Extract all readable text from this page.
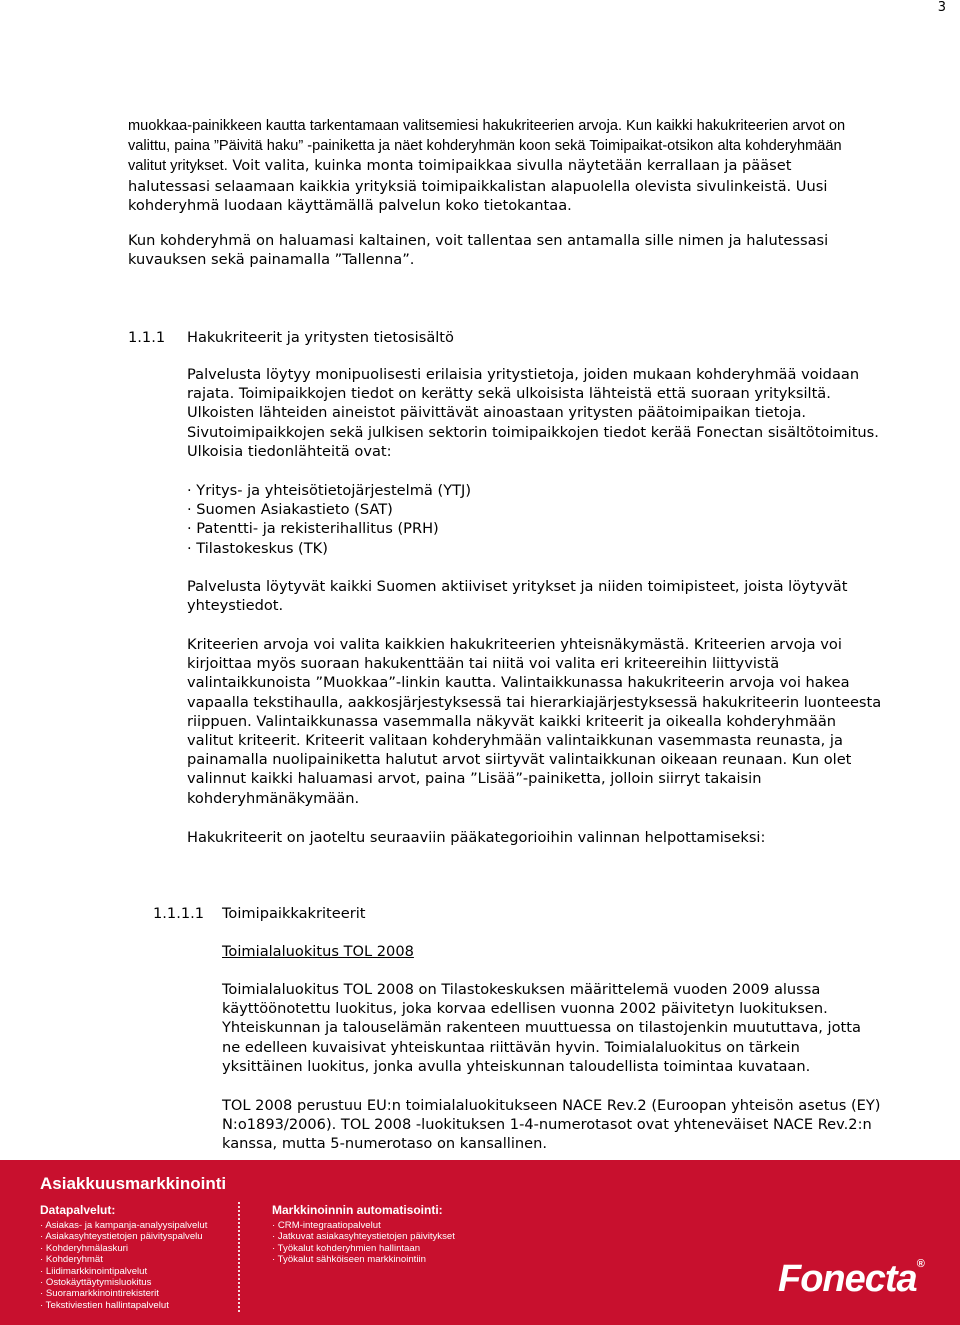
3

muokkaa-painikkeen kautta tarkentamaan valitsemiesi hakukriteerien arvoja. Kun kaikki hakukriteerien arvot on valittu, paina ”Päivitä haku” -painiketta ja näet kohderyhmän koon sekä Toimipaikat-otsikon alta kohderyhmään valitut yritykset. Voit valita, kuinka monta toimipaikkaa sivulla näytetään kerrallaan ja pääset halutessasi selaamaan kaikkia yrityksiä toimipaikkalistan alapuolella olevista sivulinkeistä. Uusi kohderyhmä luodaan käyttämällä palvelun koko tietokantaa.

Kun kohderyhmä on haluamasi kaltainen, voit tallentaa sen antamalla sille nimen ja halutessasi kuvauksen sekä painamalla ”Tallenna”.
1.1.1 Hakukriteerit ja yritysten tietosisältö
Palvelusta löytyy monipuolisesti erilaisia yritystietoja, joiden mukaan kohderyhmää voidaan rajata. Toimipaikkojen tiedot on kerätty sekä ulkoisista lähteistä että suoraan yrityksiltä. Ulkoisten lähteiden aineistot päivittävät ainoastaan yritysten päätoimipaikan tietoja. Sivutoimipaikkojen sekä julkisen sektorin toimipaikkojen tiedot kerää Fonectan sisältötoimitus. Ulkoisia tiedonlähteitä ovat:
· Yritys- ja yhteisötietojärjestelmä (YTJ)
· Suomen Asiakastieto (SAT)
· Patentti- ja rekisterihallitus (PRH)
· Tilastokeskus (TK)
Palvelusta löytyvät kaikki Suomen aktiiviset yritykset ja niiden toimipisteet, joista löytyvät yhteystiedot.
Kriteerien arvoja voi valita kaikkien hakukriteerien yhteisnäkymästä. Kriteerien arvoja voi kirjoittaa myös suoraan hakukenttään tai niitä voi valita eri kriteereihin liittyvistä valintaikkunoista ”Muokkaa”-linkin kautta. Valintaikkunassa hakukriteerin arvoja voi hakea vapaalla tekstihaulla, aakkosjärjestyksessä tai hierarkiajärjestyksessä hakukriteerin luonteesta riippuen. Valintaikkunassa vasemmalla näkyvät kaikki kriteerit ja oikealla kohderyhmään valitut kriteerit. Kriteerit valitaan kohderyhmään valintaikkunan vasemmasta reunasta, ja painamalla nuolipainiketta halutut arvot siirtyvät valintaikkunan oikeaan reunaan. Kun olet valinnut kaikki haluamasi arvot, paina ”Lisää”-painiketta, jolloin siirryt takaisin kohderyhmänäkymään.
Hakukriteerit on jaoteltu seuraaviin pääkategorioihin valinnan helpottamiseksi:
1.1.1.1 Toimipaikkakriteerit
Toimialaluokitus TOL 2008
Toimialaluokitus TOL 2008 on Tilastokeskuksen määrittelemä vuoden 2009 alussa käyttöönotettu luokitus, joka korvaa edellisen vuonna 2002 päivitetyn luokituksen. Yhteiskunnan ja talouselämän rakenteen muuttuessa on tilastojenkin muututtava, jotta ne edelleen kuvaisivat yhteiskuntaa riittävän hyvin. Toimialaluokitus on tärkein yksittäinen luokitus, jonka avulla yhteiskunnan taloudellista toimintaa kuvataan.
TOL 2008 perustuu EU:n toimialaluokitukseen NACE Rev.2 (Euroopan yhteisön asetus (EY) N:o1893/2006). TOL 2008 -luokituksen 1-4-numerotasot ovat yhteneväiset NACE Rev.2:n kanssa, mutta 5-numerotaso on kansallinen.
Asiakkuusmarkkinointi
Datapalvelut:
· Asiakas- ja kampanja-analyysipalvelut
· Asiakasyhteystietojen päivityspalvelu
· Kohderyhmälaskuri
· Kohderyhmät
· Liidimarkkinointipalvelut
· Ostokäyttäytymisluokitus
· Suoramarkkinointirekisterit
· Tekstiviestien hallintapalvelut
Markkinoinnin automatisointi:
· CRM-integraatiopalvelut
· Jatkuvat asiakasyhteystietojen päivitykset
· Työkalut kohderyhmien hallintaan
· Työkalut sähköiseen markkinointiin	Fonecta®
